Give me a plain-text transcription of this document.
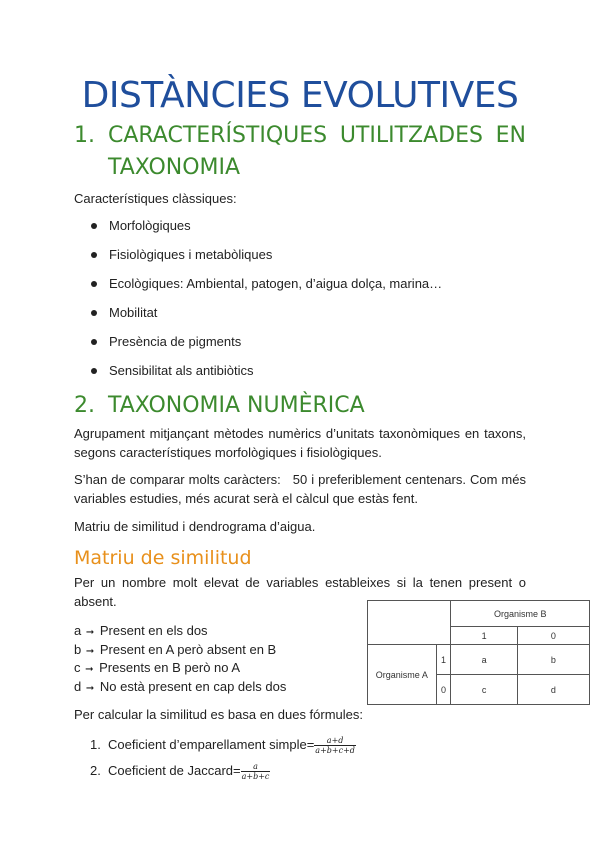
DISTÀNCIES EVOLUTIVES
1. CARACTERÍSTIQUES UTILITZADES EN
TAXONOMIA

Característiques clàssiques:

Morfològiques
Fisiològiques i metabòliques
Ecològiques: Ambiental, patogen, d’aigua dolça, marina…
Mobilitat
Presència de pigments
Sensibilitat als antibiòtics
2. TAXONOMIA NUMÈRICA

Agrupament mitjançant mètodes numèrics d’unitats taxonòmiques en taxons, segons característiques morfològiques i fisiològiques.

S’han de comparar molts caràcters:   50 i preferiblement centenars. Com més variables estudies, més acurat serà el càlcul que estàs fent.

Matriu de similitud i dendrograma d’aigua.

Matriu de similitud

Per un nombre molt elevat de variables estableixes si la tenen present o absent.

a ➞ Present en els dos
b ➞ Present en A però absent en B
c ➞ Presents en B però no A
d ➞ No està present en cap dels dos
		Organisme B	
		1	0
Organisme A	1	a	b
	0	c	d

Per calcular la similitud es basa en dues fórmules:

1. Coeficient d’emparellament simple= $\frac{a+d}{a+b+c+d}$
2. Coeficient de Jaccard= $\frac{a}{a+b+c}$
